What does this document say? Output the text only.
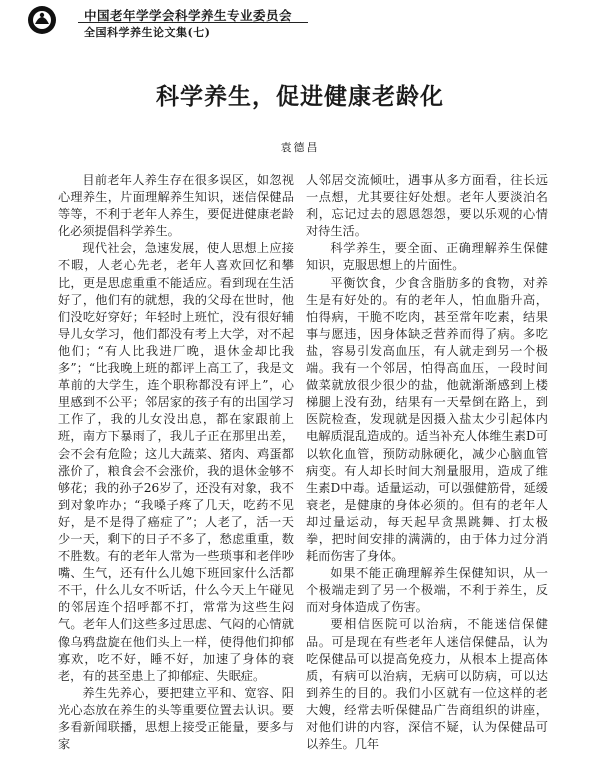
中国老年学学会科学养生专业委员会
全国科学养生论文集(七)
科学养生，促进健康老龄化
袁德昌

目前老年人养生存在很多误区，如忽视心理养生，片面理解养生知识，迷信保健品等等，不利于老年人养生，要促进健康老龄化必须提倡科学养生。

现代社会，急速发展，使人思想上应接不暇，人老心先老，老年人喜欢回忆和攀比，更是思虑重重不能适应。看到现在生活好了，他们有的就想，我的父母在世时，他们没吃好穿好；年轻时上班忙，没有很好辅导儿女学习，他们都没有考上大学，对不起他们；“有人比我进厂晚，退休金却比我多”；“比我晚上班的都评上高工了，我是文革前的大学生，连个职称都没有评上”，心里感到不公平；邻居家的孩子有的出国学习工作了，我的儿女没出息，都在家跟前上班，南方下暴雨了，我儿子正在那里出差，会不会有危险；这儿大蔬菜、猪肉、鸡蛋都涨价了，粮食会不会涨价，我的退休金够不够花；我的孙子26岁了，还没有对象，我不到对象咋办；“我嗓子疼了几天，吃药不见好，是不是得了癌症了”；人老了，活一天少一天，剩下的日子不多了，愁虑重重，数不胜数。有的老年人常为一些琐事和老伴吵嘴、生气，还有什么儿媳下班回家什么活都不干，什么儿女不听话，什么今天上午碰见的邻居连个招呼都不打，常常为这些生闷气。老年人们这些多过思虑、气闷的心情就像乌鸦盘旋在他们头上一样，使得他们抑郁寡欢，吃不好，睡不好，加速了身体的衰老，有的甚至患上了抑郁症、失眠症。

养生先养心，要把建立平和、宽容、阳光心态放在养生的头等重要位置去认识。要多看新闻联播，思想上接受正能量，要多与家

人邻居交流倾吐，遇事从多方面看，往长远一点想，尤其要往好处想。老年人要淡泊名利，忘记过去的恩恩怨怨，要以乐观的心情对待生活。

科学养生，要全面、正确理解养生保健知识，克服思想上的片面性。

平衡饮食，少食含脂肪多的食物，对养生是有好处的。有的老年人，怕血脂升高，怕得病，干脆不吃肉，甚至常年吃素，结果事与愿违，因身体缺乏营养而得了病。多吃盐，容易引发高血压，有人就走到另一个极端。我有一个邻居，怕得高血压，一段时间做菜就放很少很少的盐，他就渐渐感到上楼梯腿上没有劲，结果有一天晕倒在路上，到医院检查，发现就是因摄入盐太少引起体内电解质混乱造成的。适当补充人体维生素D可以软化血管，预防动脉硬化，减少心脑血管病变。有人却长时间大剂量服用，造成了维生素D中毒。适量运动，可以强健筋骨，延缓衰老，是健康的身体必须的。但有的老年人却过量运动，每天起早贪黑跳舞、打太极拳，把时间安排的满满的，由于体力过分消耗而伤害了身体。

如果不能正确理解养生保健知识，从一个极端走到了另一个极端，不利于养生，反而对身体造成了伤害。

要相信医院可以治病，不能迷信保健品。可是现在有些老年人迷信保健品，认为吃保健品可以提高免疫力，从根本上提高体质，有病可以治病，无病可以防病，可以达到养生的目的。我们小区就有一位这样的老大嫂，经常去听保健品广告商组织的讲座，对他们讲的内容，深信不疑，认为保健品可以养生。几年
